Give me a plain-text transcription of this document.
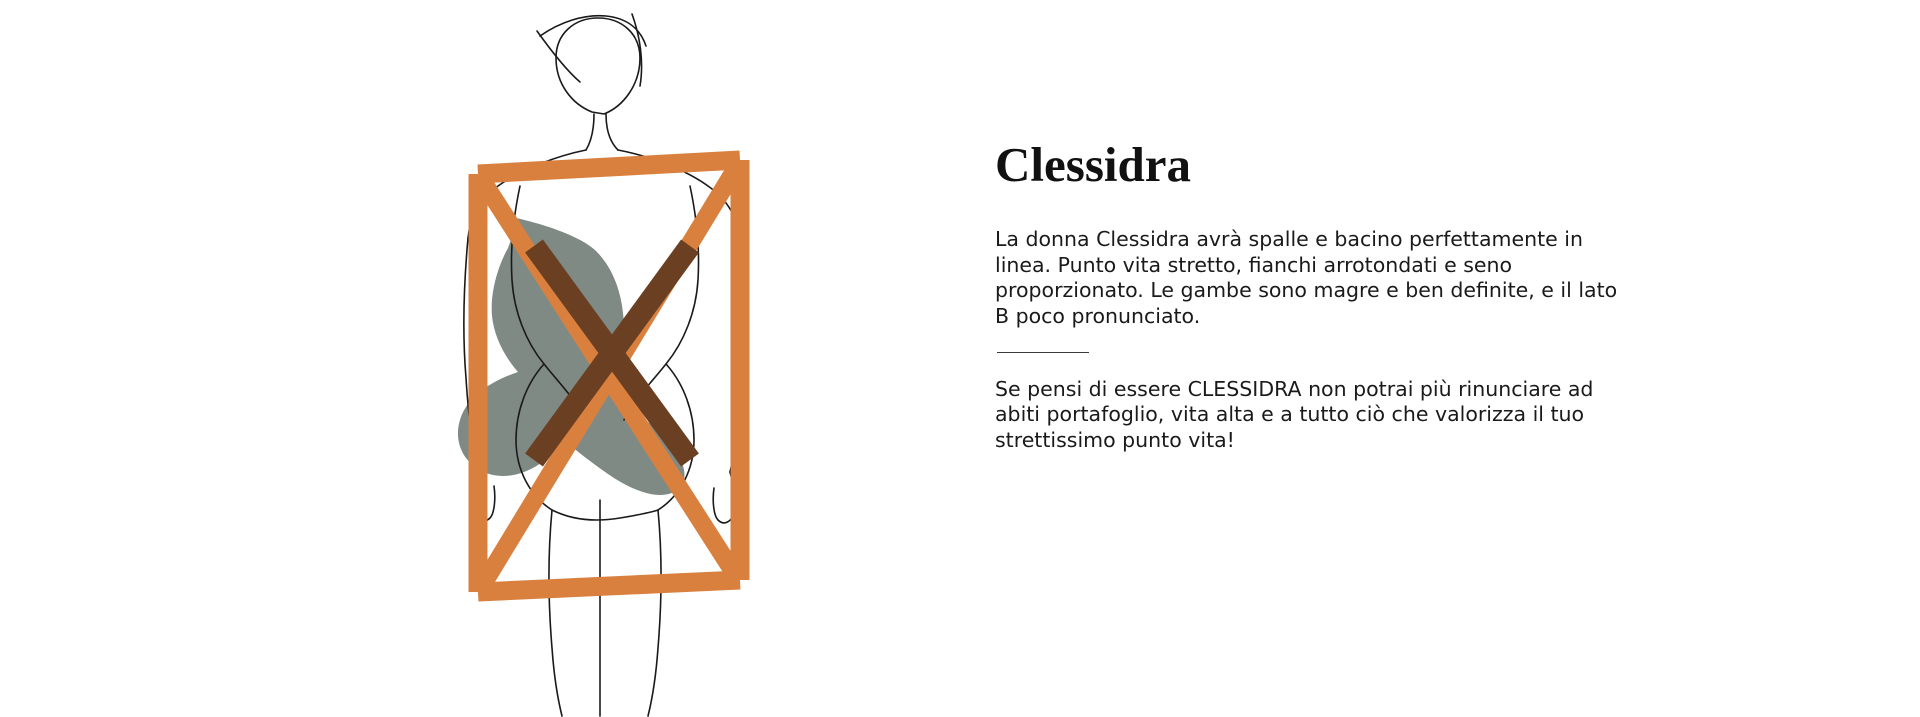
Clessidra

La donna Clessidra avrà spalle e bacino perfettamente in linea. Punto vita stretto, fianchi arrotondati e seno proporzionato. Le gambe sono magre e ben definite, e il lato B poco pronunciato.

Se pensi di essere CLESSIDRA non potrai più rinunciare ad abiti portafoglio, vita alta e a tutto ciò che valorizza il tuo strettissimo punto vita!
